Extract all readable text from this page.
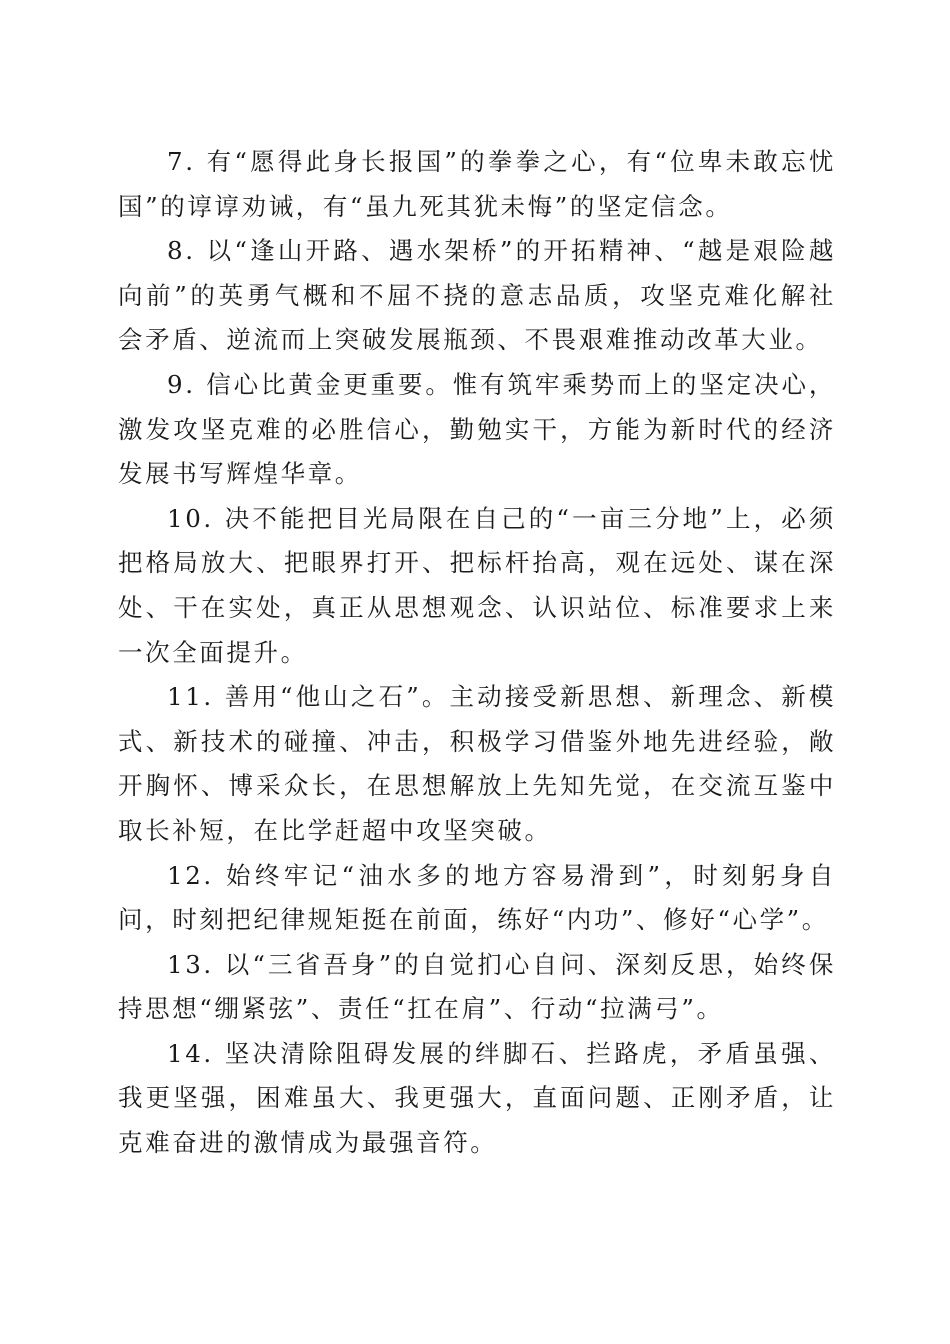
7. 有“愿得此身长报国”的拳拳之心，有“位卑未敢忘忧国”的谆谆劝诫，有“虽九死其犹未悔”的坚定信念。

8. 以“逢山开路、遇水架桥”的开拓精神、“越是艰险越向前”的英勇气概和不屈不挠的意志品质，攻坚克难化解社会矛盾、逆流而上突破发展瓶颈、不畏艰难推动改革大业。

9. 信心比黄金更重要。惟有筑牢乘势而上的坚定决心，激发攻坚克难的必胜信心，勤勉实干，方能为新时代的经济发展书写辉煌华章。

10. 决不能把目光局限在自己的“一亩三分地”上，必须把格局放大、把眼界打开、把标杆抬高，观在远处、谋在深处、干在实处，真正从思想观念、认识站位、标准要求上来一次全面提升。

11. 善用“他山之石”。主动接受新思想、新理念、新模式、新技术的碰撞、冲击，积极学习借鉴外地先进经验，敞开胸怀、博采众长，在思想解放上先知先觉，在交流互鉴中取长补短，在比学赶超中攻坚突破。

12. 始终牢记“油水多的地方容易滑到”，时刻躬身自问，时刻把纪律规矩挺在前面，练好“内功”、修好“心学”。

13. 以“三省吾身”的自觉扪心自问、深刻反思，始终保持思想“绷紧弦”、责任“扛在肩”、行动“拉满弓”。

14. 坚决清除阻碍发展的绊脚石、拦路虎，矛盾虽强、我更坚强，困难虽大、我更强大，直面问题、正刚矛盾，让克难奋进的激情成为最强音符。
